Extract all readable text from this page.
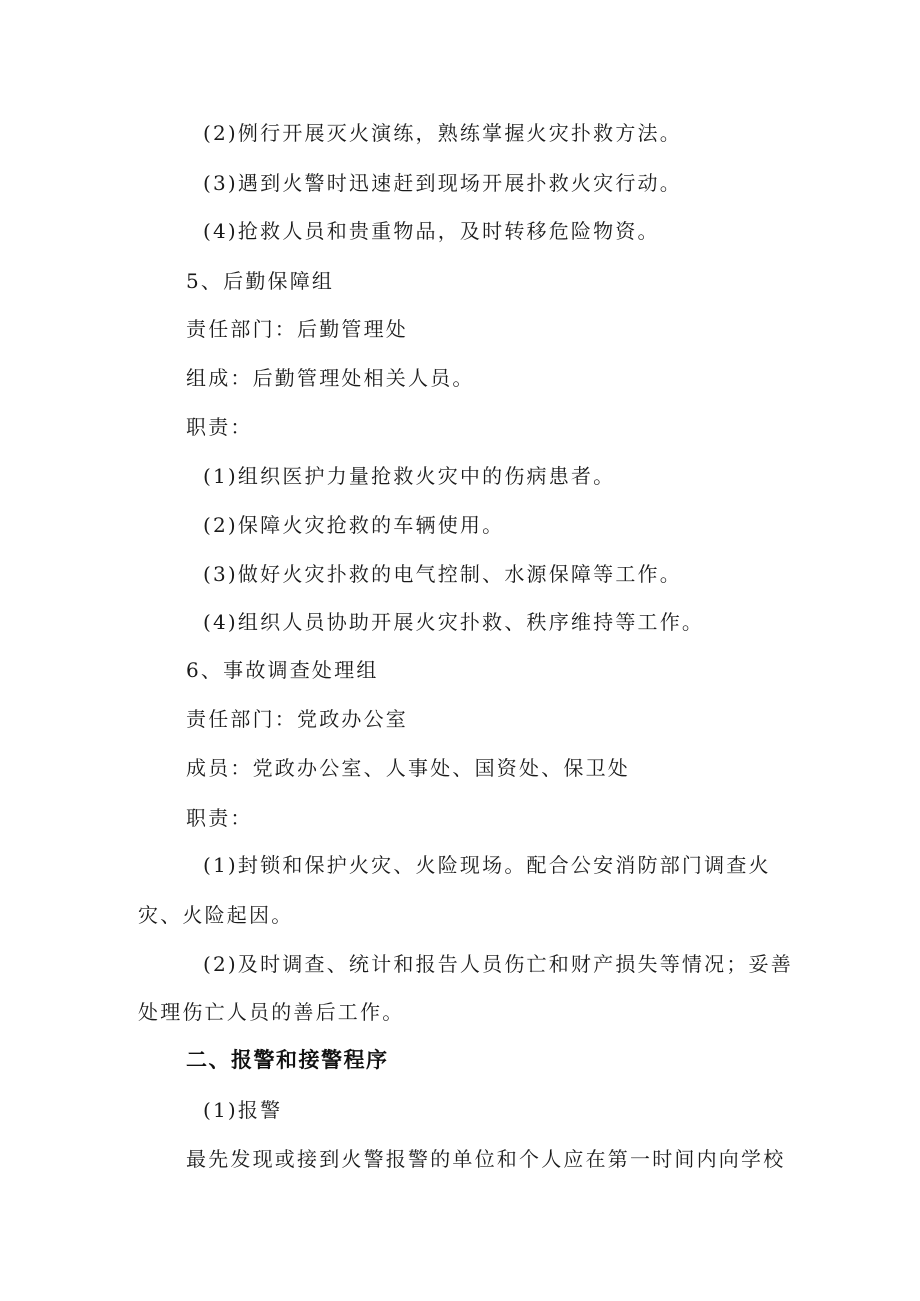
(2)例行开展灭火演练，熟练掌握火灾扑救方法。
(3)遇到火警时迅速赶到现场开展扑救火灾行动。
(4)抢救人员和贵重物品，及时转移危险物资。
5、后勤保障组
责任部门：后勤管理处
组成：后勤管理处相关人员。
职责：
(1)组织医护力量抢救火灾中的伤病患者。
(2)保障火灾抢救的车辆使用。
(3)做好火灾扑救的电气控制、水源保障等工作。
(4)组织人员协助开展火灾扑救、秩序维持等工作。
6、事故调查处理组
责任部门：党政办公室
成员：党政办公室、人事处、国资处、保卫处
职责：
(1)封锁和保护火灾、火险现场。配合公安消防部门调查火
灾、火险起因。
(2)及时调查、统计和报告人员伤亡和财产损失等情况；妥善
处理伤亡人员的善后工作。
二、报警和接警程序
(1)报警
最先发现或接到火警报警的单位和个人应在第一时间内向学校
